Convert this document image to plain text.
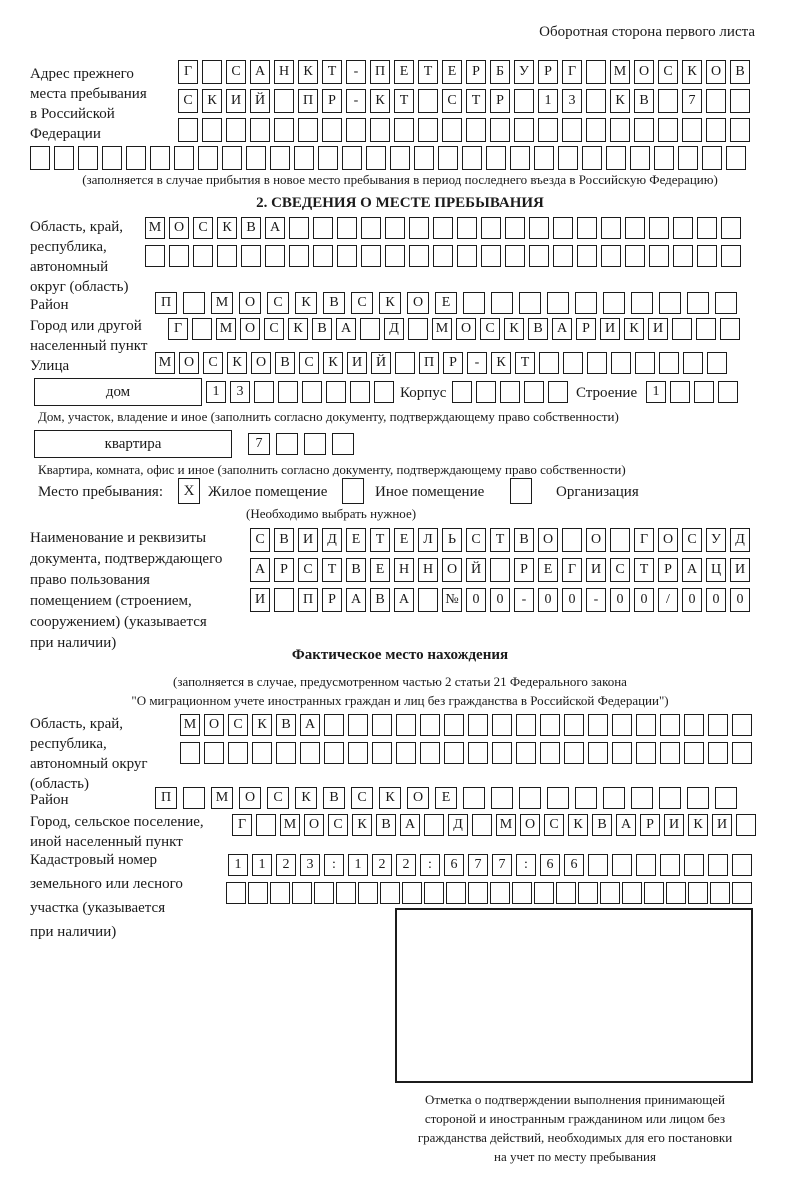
Оборотная сторона первого листа
Адрес прежнего
места пребывания
в Российской
Федерации
Г	С	А Н	К	Т	-	П	Е	Т	Е	Р	Б	У	Р	Г	М О	С	К	О	В
С	К	И Й	П	Р	-	К	Т	С	Т	Р	1	3	К	В	7
(заполняется в случае прибытия в новое место пребывания в период последнего въезда в Российскую Федерацию)
2. СВЕДЕНИЯ О МЕСТЕ ПРЕБЫВАНИЯ
Область, край,
республика,
автономный
округ (область)
М О	С	К	В	А
Район	П	М	О	С	К	В	С	К	О	Е
Город или другой
населенный пункт
Г	М О	С	К	В	А	Д	М О	С	К	В	А	Р	И	К	И
Улица	М О	С	К	О	В	С	К	И Й	П	Р	-	К	Т
дом	1	3	Корпус	Строение	1
Дом, участок, владение и иное (заполнить согласно документу, подтверждающему право собственности)
квартира	7
Квартира, комната, офис и иное (заполнить согласно документу, подтверждающему право собственности)
Место пребывания:	X Жилое помещение	Иное помещение	Организация
(Необходимо выбрать нужное)
Наименование и реквизиты
документа, подтверждающего
право пользования
помещением (строением,
сооружением) (указывается
при наличии)
С	В	И	Д	Е	Т	Е	Л	Ь	С	Т	В	О	О	Г	О	С	У	Д
А	Р	С	Т	В	Е	Н Н О Й	Р	Е	Г	И	С	Т	Р	А Ц И
И	П	Р	А	В	А	№ 0	0	-	0	0	-	0	0	/	0	0	0
Фактическое место нахождения
(заполняется в случае, предусмотренном частью 2 статьи 21 Федерального закона
"О миграционном учете иностранных граждан и лиц без гражданства в Российской Федерации")
Область, край,
республика,
автономный округ
(область)
М О	С	К	В	А
Район	П	М	О	С	К	В	С	К	О	Е
Город, сельское поселение,
иной населенный пункт
Г	М О	С	К	В	А	Д	М О	С	К	В	А	Р	И	К	И
Кадастровый номер
земельного или лесного
участка (указывается
при наличии)
1	1	2	3	:	1	2	2	:	6	7	7	:	6	6
Отметка о подтверждении выполнения принимающей
стороной и иностранным гражданином или лицом без
гражданства действий, необходимых для его постановки
на учет по месту пребывания
